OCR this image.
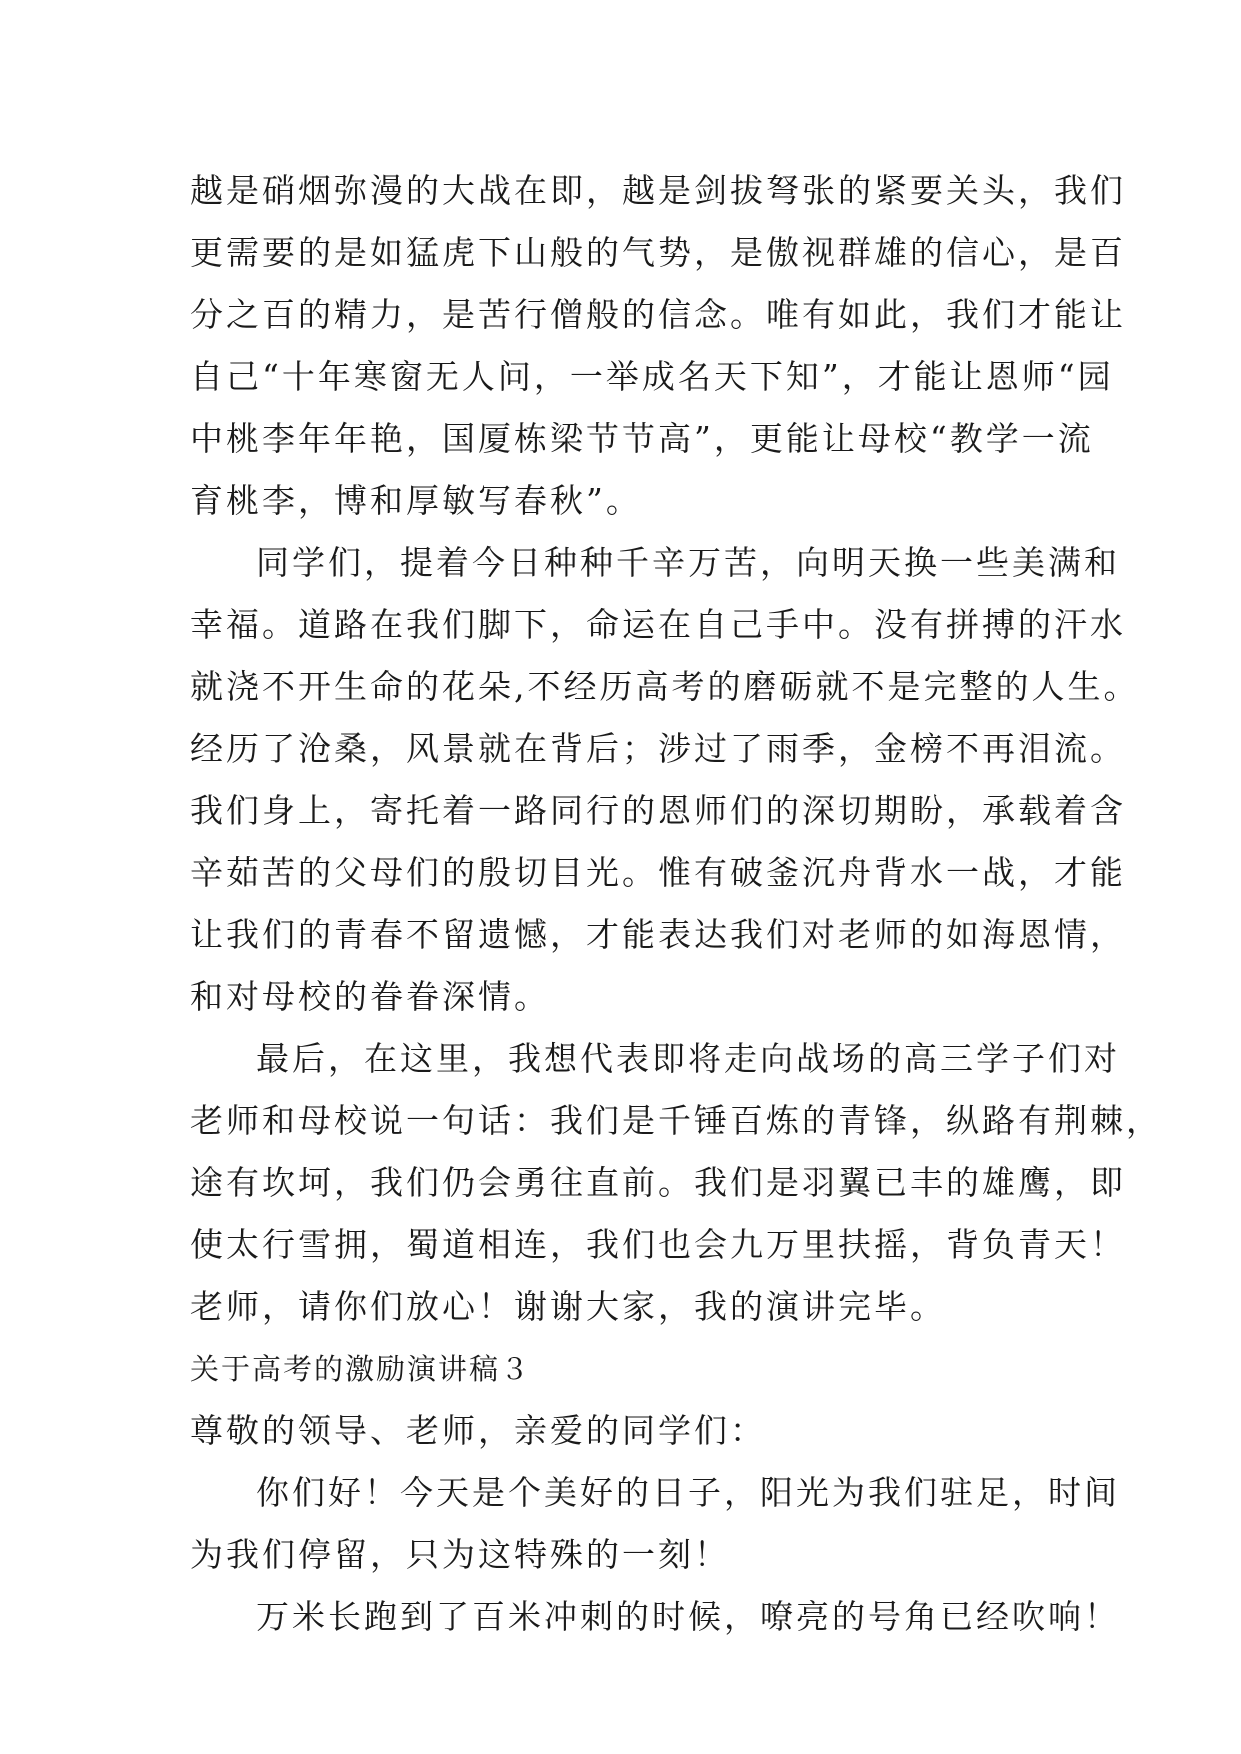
越是硝烟弥漫的大战在即，越是剑拔弩张的紧要关头，我们
更需要的是如猛虎下山般的气势，是傲视群雄的信心，是百
分之百的精力，是苦行僧般的信念。唯有如此，我们才能让
自己“十年寒窗无人问，一举成名天下知”，才能让恩师“园
中桃李年年艳，国厦栋梁节节高”，更能让母校“教学一流
育桃李，博和厚敏写春秋”。
同学们，提着今日种种千辛万苦，向明天换一些美满和
幸福。道路在我们脚下，命运在自己手中。没有拼搏的汗水
就浇不开生命的花朵,不经历高考的磨砺就不是完整的人生。
经历了沧桑，风景就在背后；涉过了雨季，金榜不再泪流。
我们身上，寄托着一路同行的恩师们的深切期盼，承载着含
辛茹苦的父母们的殷切目光。惟有破釜沉舟背水一战，才能
让我们的青春不留遗憾，才能表达我们对老师的如海恩情，
和对母校的眷眷深情。
最后，在这里，我想代表即将走向战场的高三学子们对
老师和母校说一句话：我们是千锤百炼的青锋，纵路有荆棘，
途有坎坷，我们仍会勇往直前。我们是羽翼已丰的雄鹰，即
使太行雪拥，蜀道相连，我们也会九万里扶摇，背负青天！
老师，请你们放心！谢谢大家，我的演讲完毕。
关于高考的激励演讲稿３
尊敬的领导、老师，亲爱的同学们：
你们好！今天是个美好的日子，阳光为我们驻足，时间
为我们停留，只为这特殊的一刻！
万米长跑到了百米冲刺的时候，嘹亮的号角已经吹响！
